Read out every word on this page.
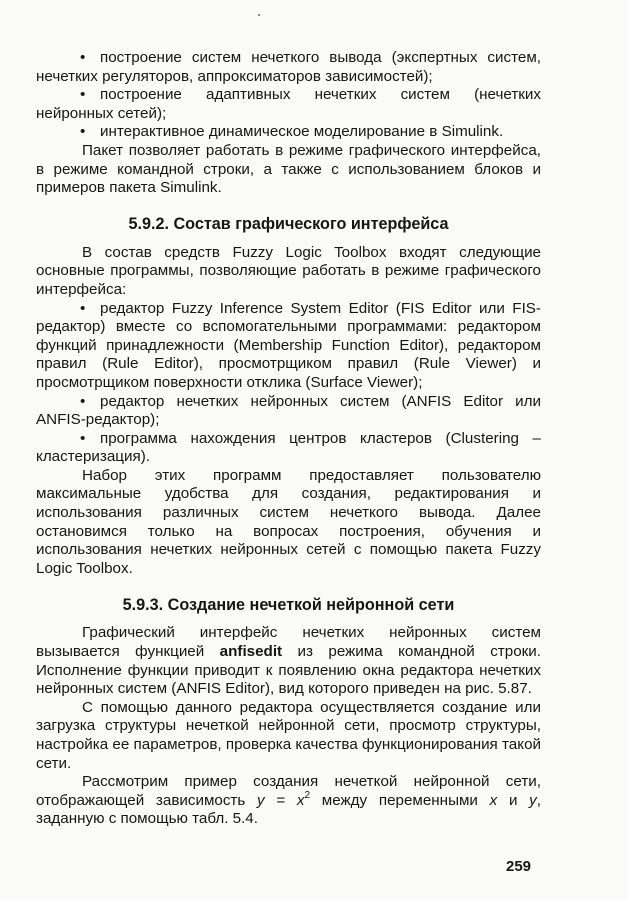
• построение систем нечеткого вывода (экспертных систем, нечетких регуляторов, аппроксиматоров зависимостей);

• построение адаптивных нечетких систем (нечетких нейронных сетей);

• интерактивное динамическое моделирование в Simulink.

Пакет позволяет работать в режиме графического интерфейса, в режиме командной строки, а также с использованием блоков и примеров пакета Simulink.

5.9.2. Состав графического интерфейса

В состав средств Fuzzy Logic Toolbox входят следующие основные программы, позволяющие работать в режиме графического интерфейса:

• редактор Fuzzy Inference System Editor (FIS Editor или FIS-редактор) вместе со вспомогательными программами: редактором функций принадлежности (Membership Function Editor), редактором правил (Rule Editor), просмотрщиком правил (Rule Viewer) и просмотрщиком поверхности отклика (Surface Viewer);

• редактор нечетких нейронных систем (ANFIS Editor или ANFIS-редактор);

• программа нахождения центров кластеров (Clustering – кластеризация).

Набор этих программ предоставляет пользователю максимальные удобства для создания, редактирования и использования различных систем нечеткого вывода. Далее остановимся только на вопросах построения, обучения и использования нечетких нейронных сетей с помощью пакета Fuzzy Logic Toolbox.

5.9.3. Создание нечеткой нейронной сети

Графический интерфейс нечетких нейронных систем вызывается функцией anfisedit из режима командной строки. Исполнение функции приводит к появлению окна редактора нечетких нейронных систем (ANFIS Editor), вид которого приведен на рис. 5.87.

С помощью данного редактора осуществляется создание или загрузка структуры нечеткой нейронной сети, просмотр структуры, настройка ее параметров, проверка качества функционирования такой сети.

Рассмотрим пример создания нечеткой нейронной сети, отображающей зависимость $y = x^2$ между переменными x и y, заданную с помощью табл. 5.4.

259
